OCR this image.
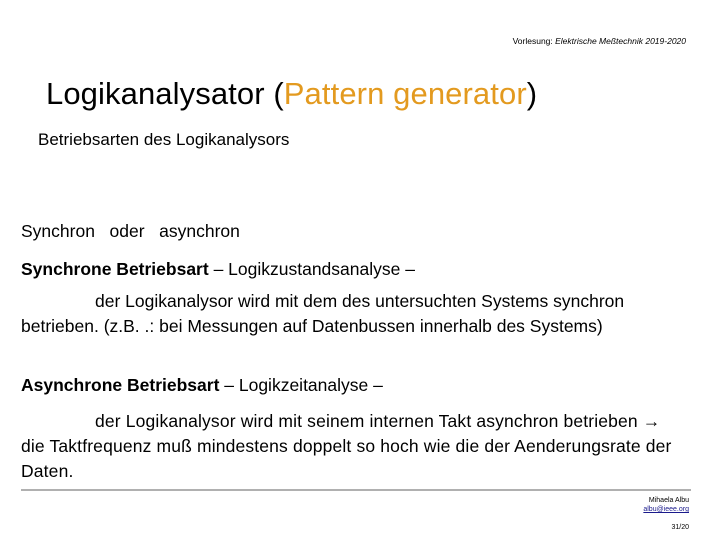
Vorlesung: Elektrische Meßtechnik 2019-2020
Logikanalysator (Pattern generator)
Betriebsarten des Logikanalysors
Synchron   oder   asynchron
Synchrone Betriebsart – Logikzustandsanalyse –
der Logikanalysor wird mit dem des untersuchten Systems synchron betrieben. (z.B. .: bei Messungen auf Datenbussen innerhalb des Systems)
Asynchrone Betriebsart – Logikzeitanalyse –
der Logikanalysor wird mit seinem internen Takt asynchron betrieben → die Taktfrequenz muß mindestens doppelt so hoch wie die der Aenderungsrate der Daten.
Mihaela Albu
albu@ieee.org
31/20
